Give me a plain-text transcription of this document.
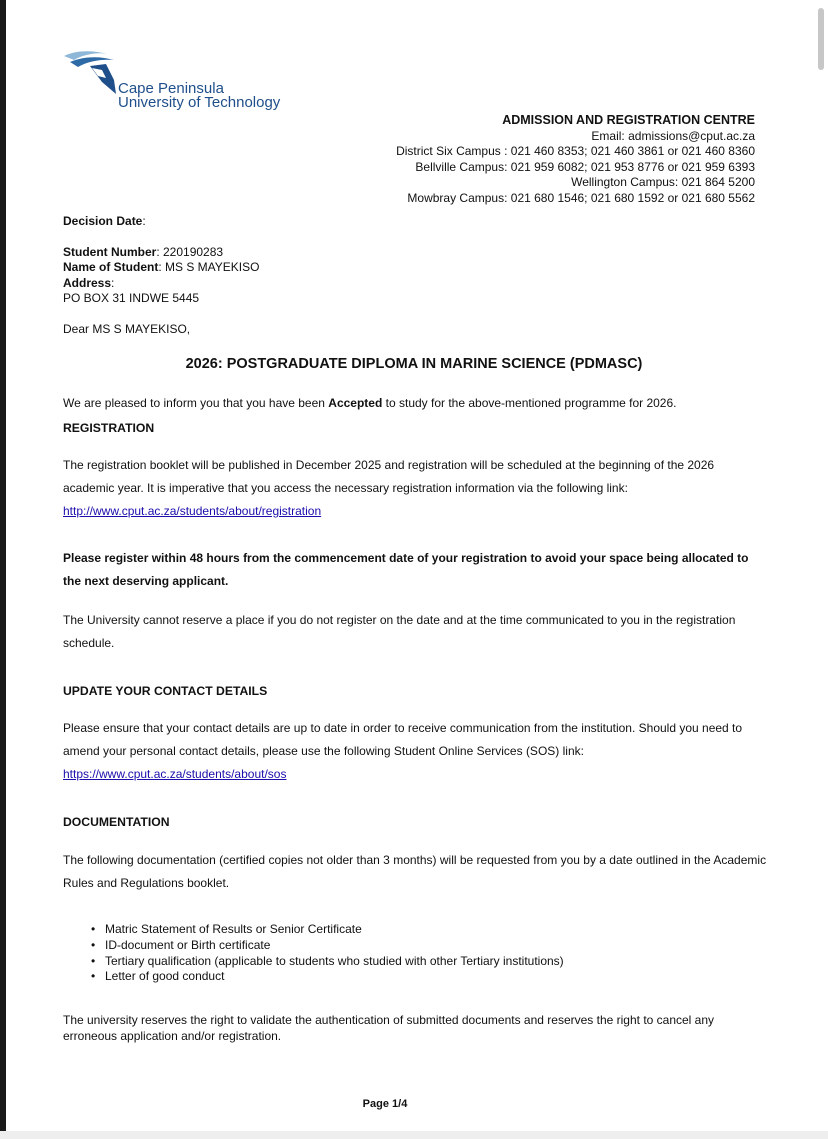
Cape Peninsula
University of Technology
ADMISSION AND REGISTRATION CENTRE
Email: admissions@cput.ac.za
District Six Campus : 021 460 8353; 021 460 3861 or 021 460 8360
Bellville Campus: 021 959 6082; 021 953 8776 or 021 959 6393
Wellington Campus: 021 864 5200
Mowbray Campus: 021 680 1546; 021 680 1592 or 021 680 5562
Decision Date:
Student Number: 220190283
Name of Student: MS S MAYEKISO
Address:
PO BOX 31 INDWE 5445
Dear MS S MAYEKISO,
2026: POSTGRADUATE DIPLOMA IN MARINE SCIENCE (PDMASC)
We are pleased to inform you that you have been Accepted to study for the above-mentioned programme for 2026.
REGISTRATION
The registration booklet will be published in December 2025 and registration will be scheduled at the beginning of the 2026 academic year. It is imperative that you access the necessary registration information via the following link:
http://www.cput.ac.za/students/about/registration
Please register within 48 hours from the commencement date of your registration to avoid your space being allocated to the next deserving applicant.
The University cannot reserve a place if you do not register on the date and at the time communicated to you in the registration schedule.
UPDATE YOUR CONTACT DETAILS
Please ensure that your contact details are up to date in order to receive communication from the institution. Should you need to amend your personal contact details, please use the following Student Online Services (SOS) link:
https://www.cput.ac.za/students/about/sos
DOCUMENTATION
The following documentation (certified copies not older than 3 months) will be requested from you by a date outlined in the Academic Rules and Regulations booklet.
• Matric Statement of Results or Senior Certificate
• ID-document or Birth certificate
• Tertiary qualification (applicable to students who studied with other Tertiary institutions)
• Letter of good conduct
The university reserves the right to validate the authentication of submitted documents and reserves the right to cancel any erroneous application and/or registration.
Page 1/4
